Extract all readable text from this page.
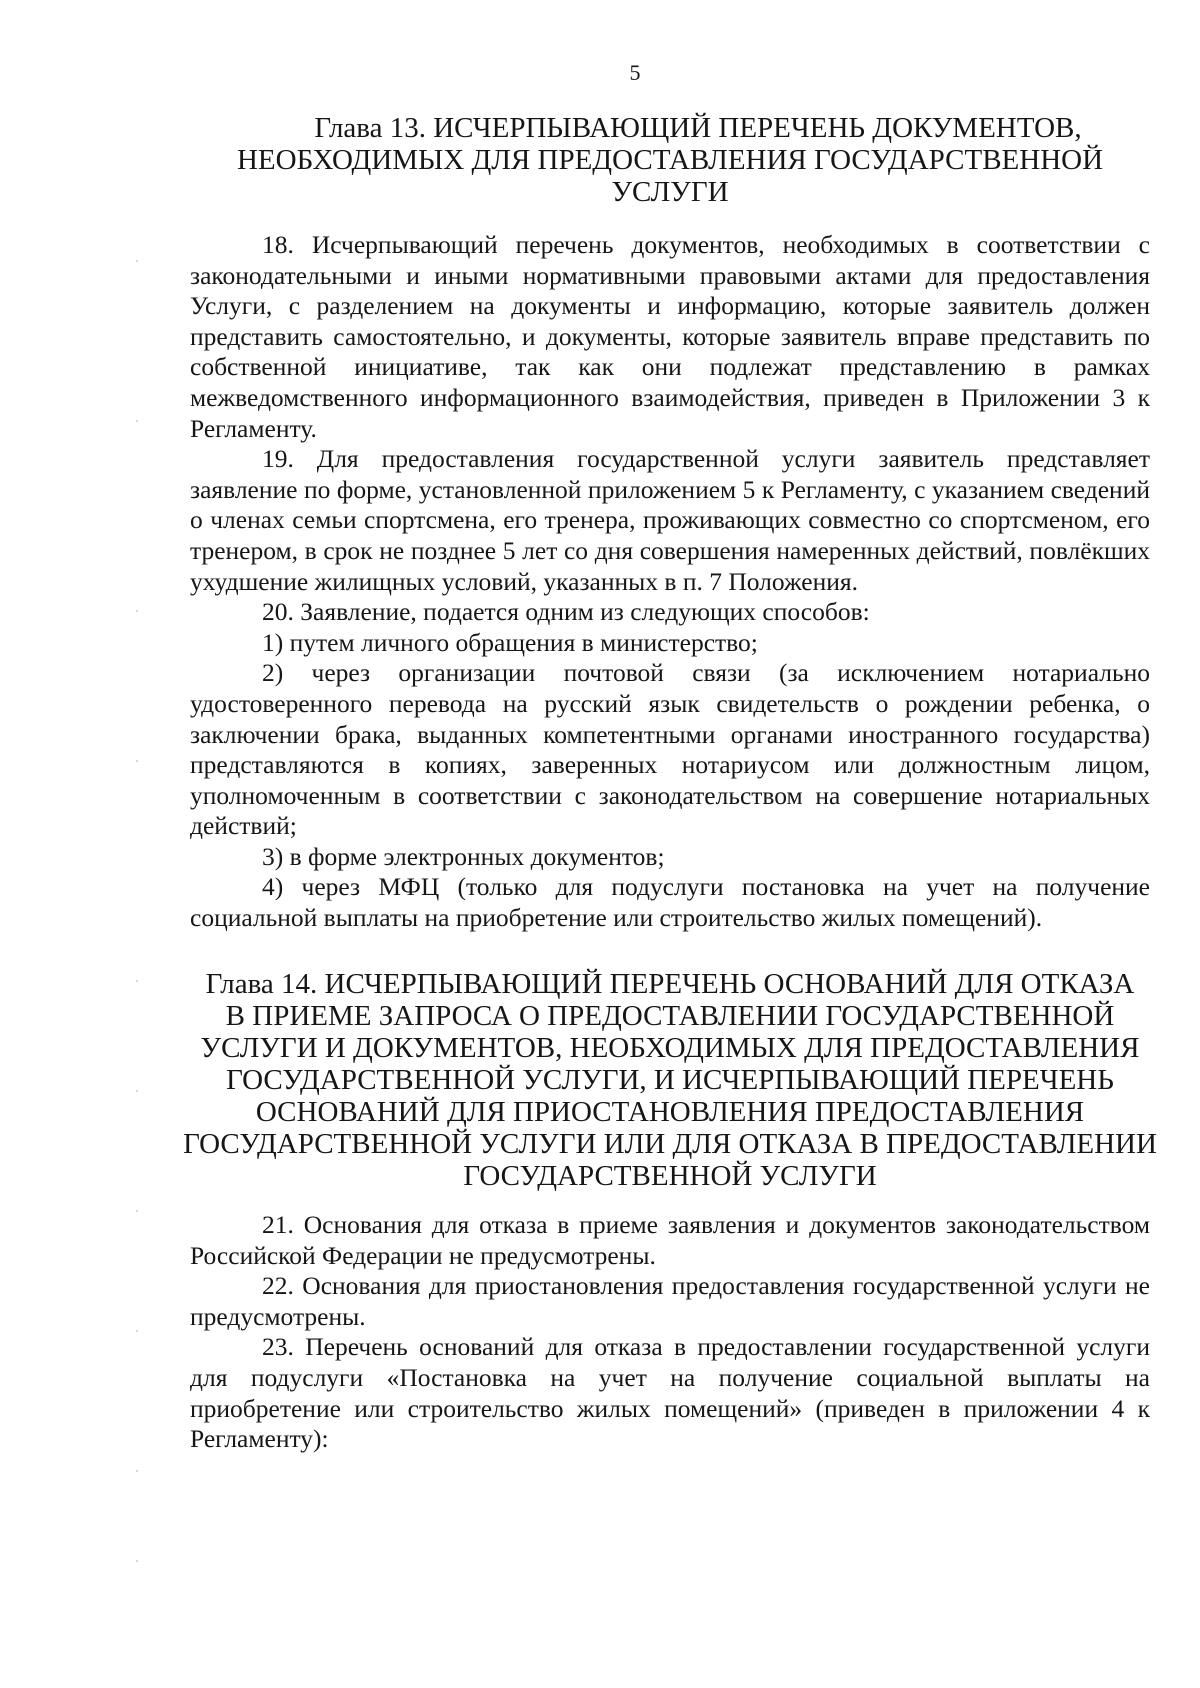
5
Глава 13. ИСЧЕРПЫВАЮЩИЙ ПЕРЕЧЕНЬ ДОКУМЕНТОВ,
НЕОБХОДИМЫХ ДЛЯ ПРЕДОСТАВЛЕНИЯ ГОСУДАРСТВЕННОЙ
УСЛУГИ

18. Исчерпывающий перечень документов, необходимых в соответствии с законодательными и иными нормативными правовыми актами для предоставления Услуги, с разделением на документы и информацию, которые заявитель должен представить самостоятельно, и документы, которые заявитель вправе представить по собственной инициативе, так как они подлежат представлению в рамках межведомственного информационного взаимодействия, приведен в Приложении 3 к Регламенту.

19. Для предоставления государственной услуги заявитель представляет заявление по форме, установленной приложением 5 к Регламенту, с указанием сведений о членах семьи спортсмена, его тренера, проживающих совместно со спортсменом, его тренером, в срок не позднее 5 лет со дня совершения намеренных действий, повлёкших ухудшение жилищных условий, указанных в п. 7 Положения.

20. Заявление, подается одним из следующих способов:

1) путем личного обращения в министерство;

2) через организации почтовой связи (за исключением нотариально удостоверенного перевода на русский язык свидетельств о рождении ребенка, о заключении брака, выданных компетентными органами иностранного государства) представляются в копиях, заверенных нотариусом или должностным лицом, уполномоченным в соответствии с законодательством на совершение нотариальных действий;

3) в форме электронных документов;

4) через МФЦ (только для подуслуги постановка на учет на получение социальной выплаты на приобретение или строительство жилых помещений).

Глава 14. ИСЧЕРПЫВАЮЩИЙ ПЕРЕЧЕНЬ ОСНОВАНИЙ ДЛЯ ОТКАЗА
В ПРИЕМЕ ЗАПРОСА О ПРЕДОСТАВЛЕНИИ ГОСУДАРСТВЕННОЙ
УСЛУГИ И ДОКУМЕНТОВ, НЕОБХОДИМЫХ ДЛЯ ПРЕДОСТАВЛЕНИЯ
ГОСУДАРСТВЕННОЙ УСЛУГИ, И ИСЧЕРПЫВАЮЩИЙ ПЕРЕЧЕНЬ
ОСНОВАНИЙ ДЛЯ ПРИОСТАНОВЛЕНИЯ ПРЕДОСТАВЛЕНИЯ
ГОСУДАРСТВЕННОЙ УСЛУГИ ИЛИ ДЛЯ ОТКАЗА В ПРЕДОСТАВЛЕНИИ
ГОСУДАРСТВЕННОЙ УСЛУГИ

21. Основания для отказа в приеме заявления и документов законодательством Российской Федерации не предусмотрены.

22. Основания для приостановления предоставления государственной услуги не предусмотрены.

23. Перечень оснований для отказа в предоставлении государственной услуги для подуслуги «Постановка на учет на получение социальной выплаты на приобретение или строительство жилых помещений» (приведен в приложении 4 к Регламенту):
